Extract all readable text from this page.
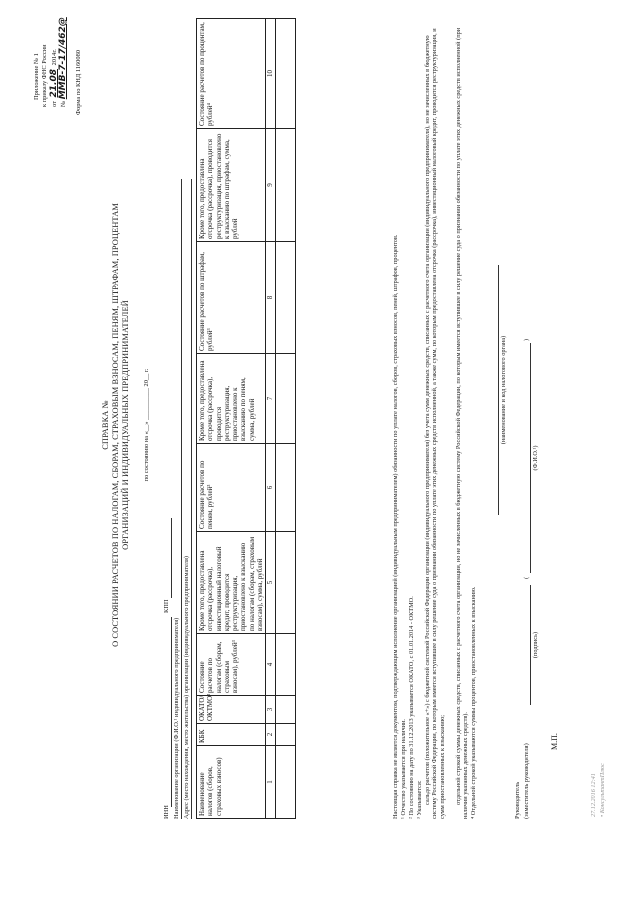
Приложение № 1 к приказу ФНС России от 21.08 2014г.
№ ММВ-7-17/462@ Форма по КНД 1160080
СПРАВКА № О СОСТОЯНИИ РАСЧЕТОВ ПО НАЛОГАМ, СБОРАМ, СТРАХОВЫМ ВЗНОСАМ, ПЕНЯМ, ШТРАФАМ, ПРОЦЕНТАМ ОРГАНИЗАЦИЙ И ИНДИВИДУАЛЬНЫХ ПРЕДПРИНИМАТЕЛЕЙ по состоянию на «__» __________ 20__ г.
ИНН
КПП
Наименование организации (Ф.И.О.¹ индивидуального предпринимателя) Адрес (место нахождения, место жительства) организации (индивидуального предпринимателя) Наименование налогов (сборов, страховых взносов)	КБК	ОКАТО/ ОКТМО²	Состояние расчетов по налогам (сборам, страховым взносам), рублей³	Кроме того, предоставлена отсрочка (рассрочка), инвестиционный налоговый кредит, проводится реструктуризация, приостановлено к взысканию по налогам (сборам, страховым взносам), сумма, рублей	Состояние расчетов по пеням, рублей³	Кроме того, предоставлена отсрочка (рассрочка), проводится реструктуризация, приостановлено к взысканию по пеням, сумма, рублей	Состояние расчетов по штрафам, рублей³	Кроме того, предоставлена отсрочка (рассрочка), проводится реструктуризация, приостановлено к взысканию по штрафам, сумма, рублей	Состояние расчетов по процентам, рублей⁴
1	2	3	4	5	6	7	8	9	10

Настоящая справка не является документом, подтверждающим исполнение организацией (индивидуальным предпринимателем) обязанности по уплате налогов, сборов, страховых взносов, пеней, штрафов, процентов. ¹ Отчество указывается при наличии. ² По состоянию на дату по 31.12.2013 указывается ОКАТО, с 01.01.2014 - ОКТМО. ³ Указывается: сальдо расчетов (положительное «+») с бюджетной системой Российской Федерации организации (индивидуального предпринимателя) без учета сумм денежных средств, списанных с расчетного счета организации (индивидуального предпринимателя), но не зачисленных в бюджетную систему Российской Федерации, по которым имеется вступившее в силу решение суда о признании обязанности по уплате этих денежных средств исполненной, а также сумм, по которым предоставлена отсрочка (рассрочка), инвестиционный налоговый кредит, проводится реструктуризация, и сумм приостановленных к взысканию; отдельной строкой суммы денежных средств, списанных с расчетного счета организации, но не зачисленных в бюджетную систему Российской Федерации, по которым имеется вступившее в силу решение суда о признании обязанности по уплате этих денежных средств исполненной (при наличии указанных денежных средств). ⁴ Отдельной строкой указываются суммы процентов, приостановленных к взысканию.
(наименование и код налогового органа)
Руководитель (заместитель руководителя)
(
)
(подпись)
(Ф.И.О.¹)
М.П.
27.12.2016 12:41 • КонсультантПлюс
